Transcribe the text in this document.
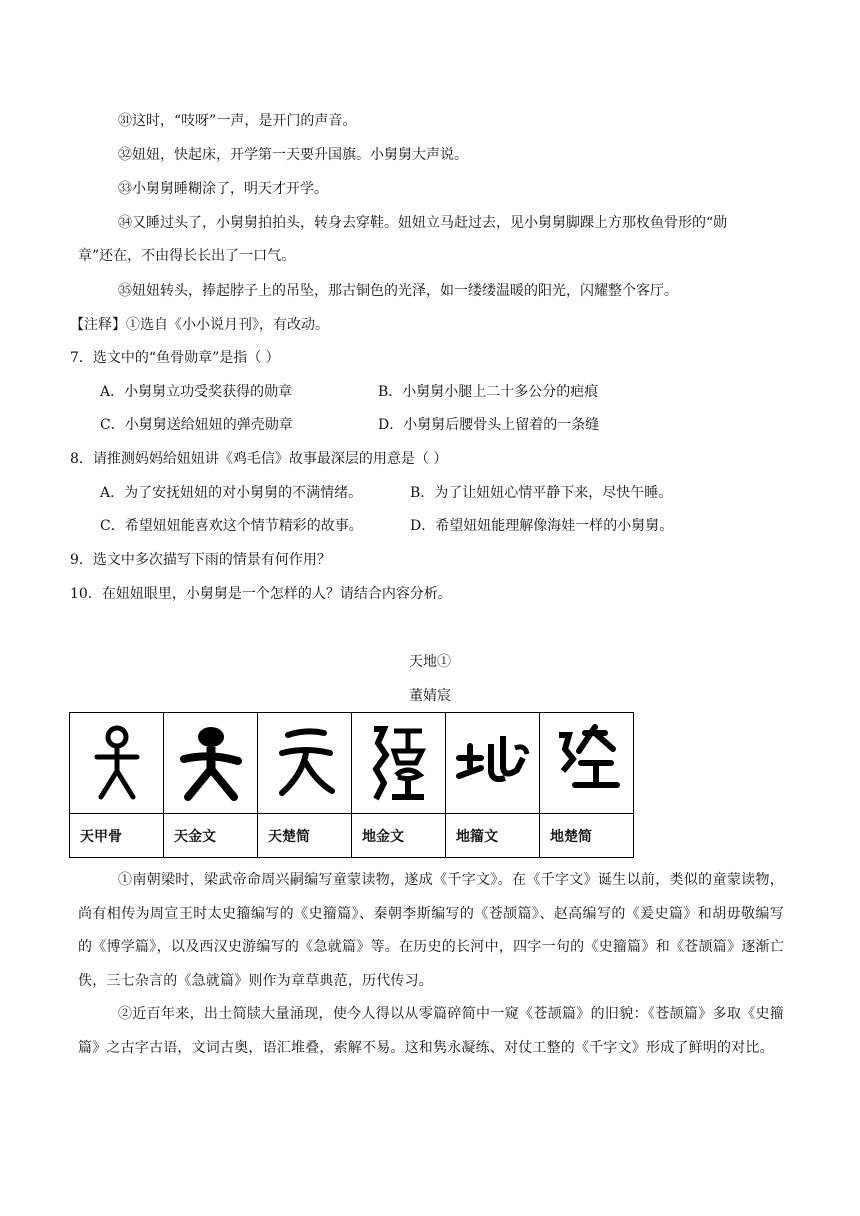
㉛这时，“吱呀”一声，是开门的声音。
㉜妞妞，快起床，开学第一天要升国旗。小舅舅大声说。
㉝小舅舅睡糊涂了，明天才开学。
㉞又睡过头了，小舅舅拍拍头，转身去穿鞋。妞妞立马赶过去，见小舅舅脚踝上方那枚鱼骨形的“勋
章”还在，不由得长长出了一口气。
㉟妞妞转头，捧起脖子上的吊坠，那古铜色的光泽，如一缕缕温暖的阳光，闪耀整个客厅。
【注释】①选自《小小说月刊》，有改动。
7．选文中的“鱼骨勋章”是指（ ）
A．小舅舅立功受奖获得的勋章	B．小舅舅小腿上二十多公分的疤痕
C．小舅舅送给妞妞的弹壳勋章	D．小舅舅后腰骨头上留着的一条缝
8．请推测妈妈给妞妞讲《鸡毛信》故事最深层的用意是（ ）
A．为了安抚妞妞的对小舅舅的不满情绪。	B．为了让妞妞心情平静下来，尽快午睡。
C．希望妞妞能喜欢这个情节精彩的故事。	D．希望妞妞能理解像海娃一样的小舅舅。
9．选文中多次描写下雨的情景有何作用？
10．在妞妞眼里，小舅舅是一个怎样的人？请结合内容分析。
天地①
董婧宸

天甲骨	天金文	天楚简	地金文	地籀文	地楚简
①南朝梁时，梁武帝命周兴嗣编写童蒙读物，遂成《千字文》。在《千字文》诞生以前，类似的童蒙读物，尚有相传为周宣王时太史籀编写的《史籀篇》、秦朝李斯编写的《苍颉篇》、赵高编写的《爰史篇》和胡毋敬编写的《博学篇》，以及西汉史游编写的《急就篇》等。在历史的长河中，四字一句的《史籀篇》和《苍颉篇》逐渐亡佚，三七杂言的《急就篇》则作为章草典范，历代传习。
②近百年来，出土简牍大量涌现，使今人得以从零篇碎简中一窥《苍颉篇》的旧貌：《苍颉篇》多取《史籀篇》之古字古语，文词古奥，语汇堆叠，索解不易。这和隽永凝练、对仗工整的《千字文》形成了鲜明的对比。
